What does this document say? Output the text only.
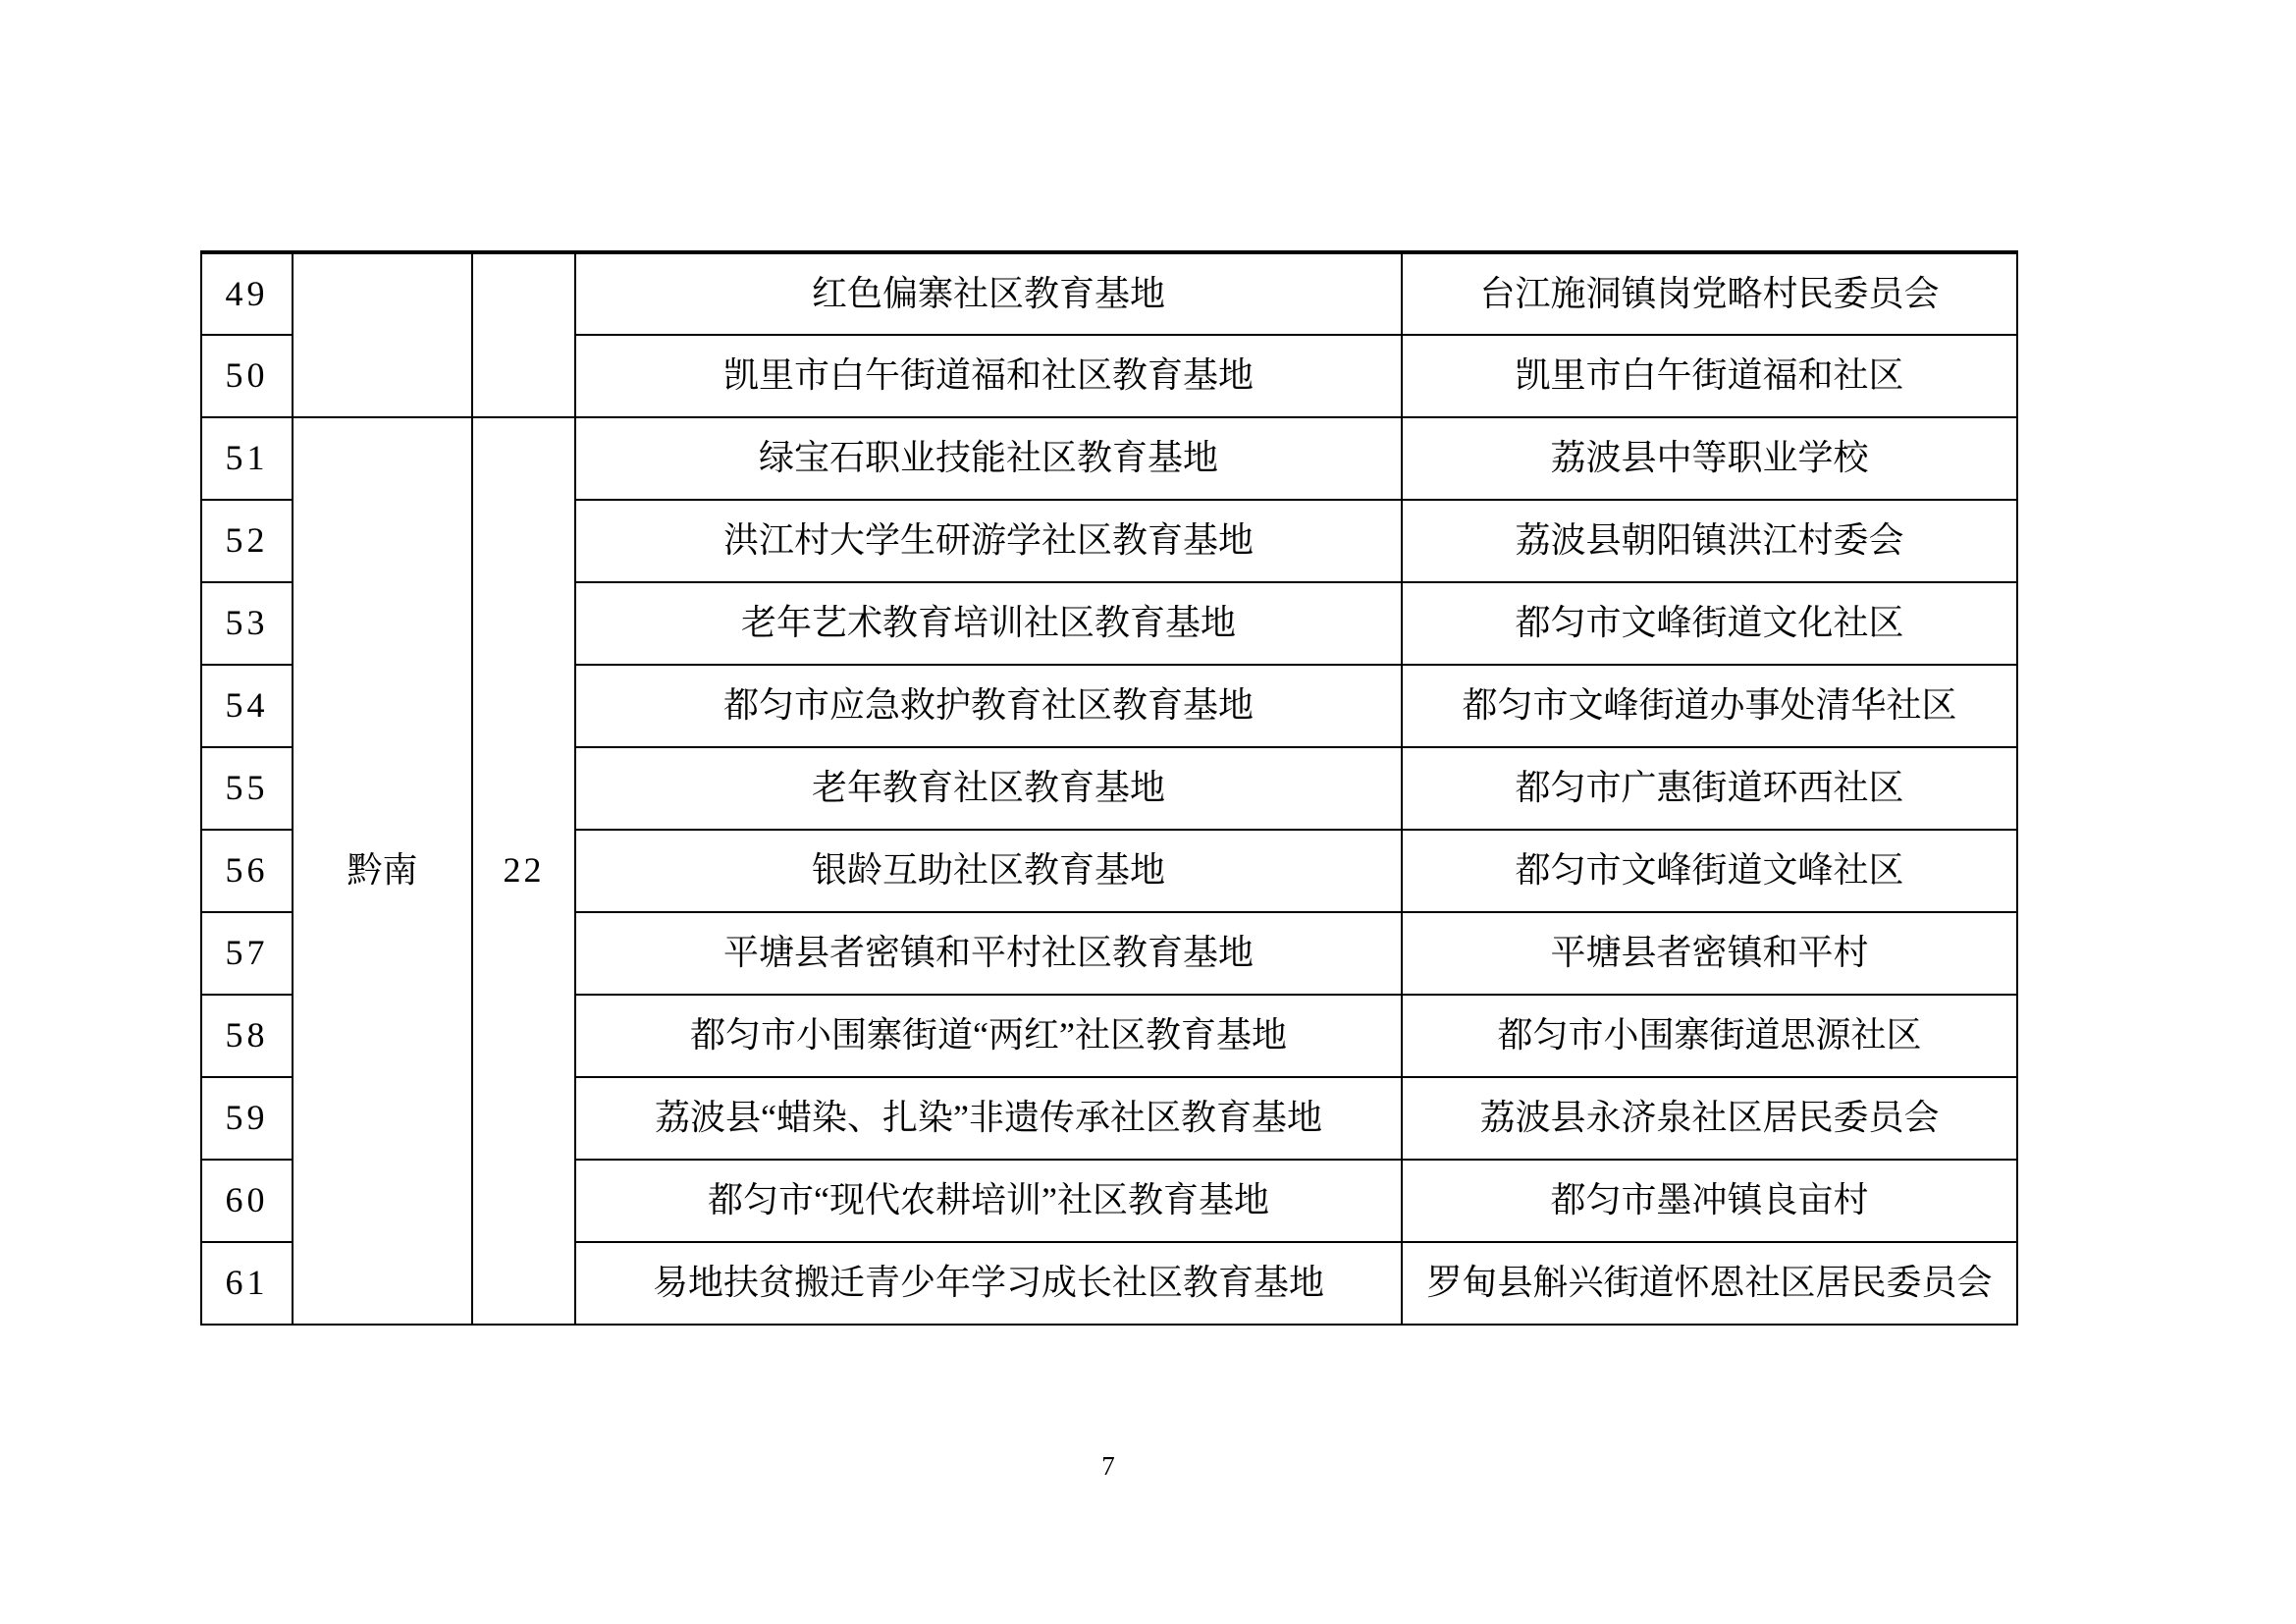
49			红色偏寨社区教育基地	台江施洞镇岗党略村民委员会
50			凯里市白午街道福和社区教育基地	凯里市白午街道福和社区
51	黔南	22	绿宝石职业技能社区教育基地	荔波县中等职业学校
52			洪江村大学生研游学社区教育基地	荔波县朝阳镇洪江村委会
53			老年艺术教育培训社区教育基地	都匀市文峰街道文化社区
54			都匀市应急救护教育社区教育基地	都匀市文峰街道办事处清华社区
55			老年教育社区教育基地	都匀市广惠街道环西社区
56			银龄互助社区教育基地	都匀市文峰街道文峰社区
57			平塘县者密镇和平村社区教育基地	平塘县者密镇和平村
58			都匀市小围寨街道“两红”社区教育基地	都匀市小围寨街道思源社区
59			荔波县“蜡染、扎染”非遗传承社区教育基地	荔波县永济泉社区居民委员会
60			都匀市“现代农耕培训”社区教育基地	都匀市墨冲镇良亩村
61			易地扶贫搬迁青少年学习成长社区教育基地	罗甸县斛兴街道怀恩社区居民委员会
7
